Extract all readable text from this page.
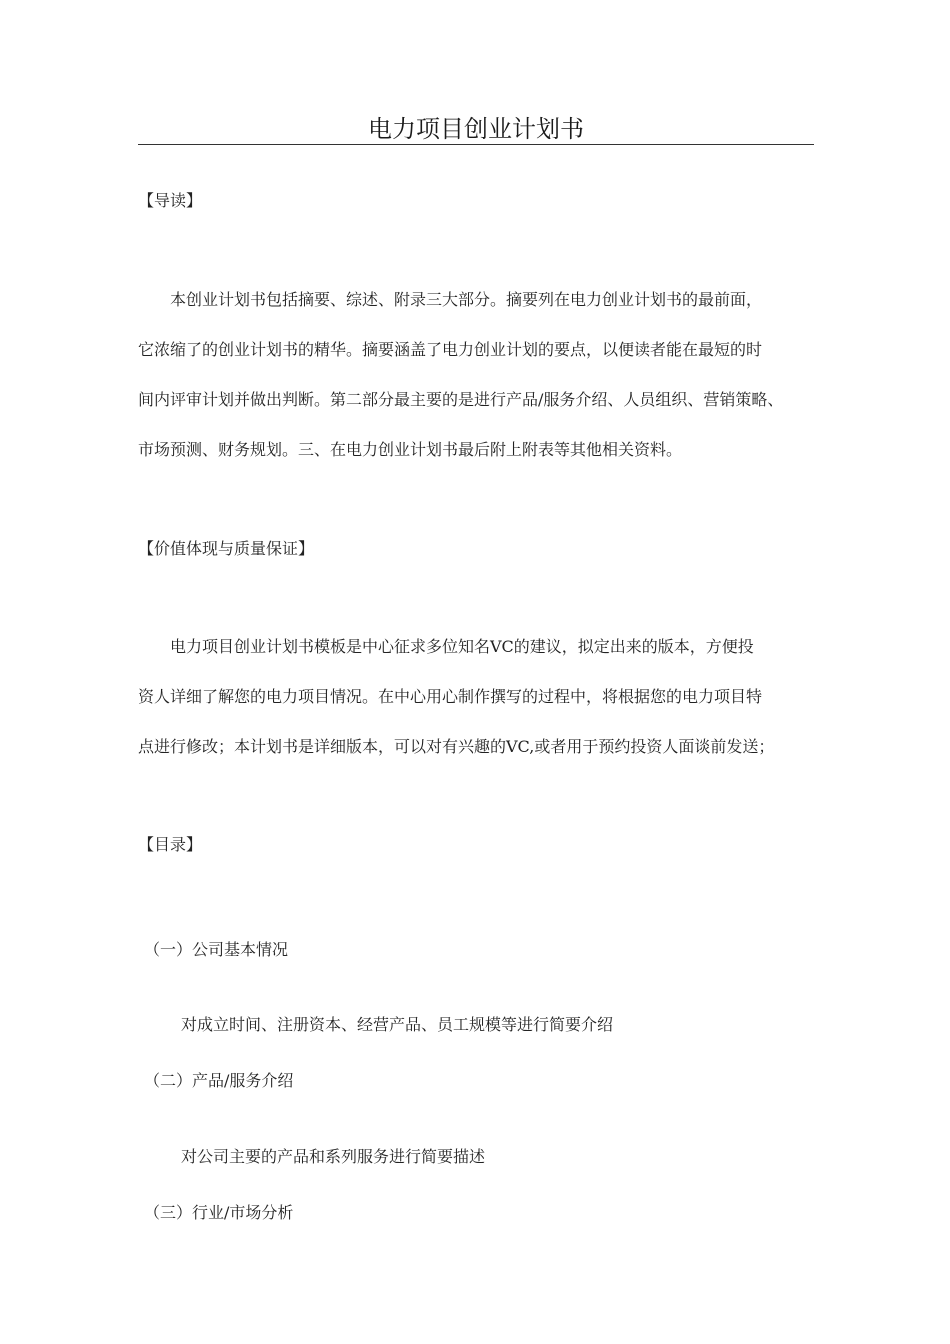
电力项目创业计划书
【导读】
　　本创业计划书包括摘要、综述、附录三大部分。摘要列在电力创业计划书的最前面，
它浓缩了的创业计划书的精华。摘要涵盖了电力创业计划的要点，以便读者能在最短的时
间内评审计划并做出判断。第二部分最主要的是进行产品/服务介绍、人员组织、营销策略、
市场预测、财务规划。三、在电力创业计划书最后附上附表等其他相关资料。
【价值体现与质量保证】
　　电力项目创业计划书模板是中心征求多位知名VC的建议，拟定出来的版本，方便投
资人详细了解您的电力项目情况。在中心用心制作撰写的过程中，将根据您的电力项目特
点进行修改；本计划书是详细版本，可以对有兴趣的VC,或者用于预约投资人面谈前发送；
【目录】
（一）公司基本情况
对成立时间、注册资本、经营产品、员工规模等进行简要介绍
（二）产品/服务介绍
对公司主要的产品和系列服务进行简要描述
（三）行业/市场分析
